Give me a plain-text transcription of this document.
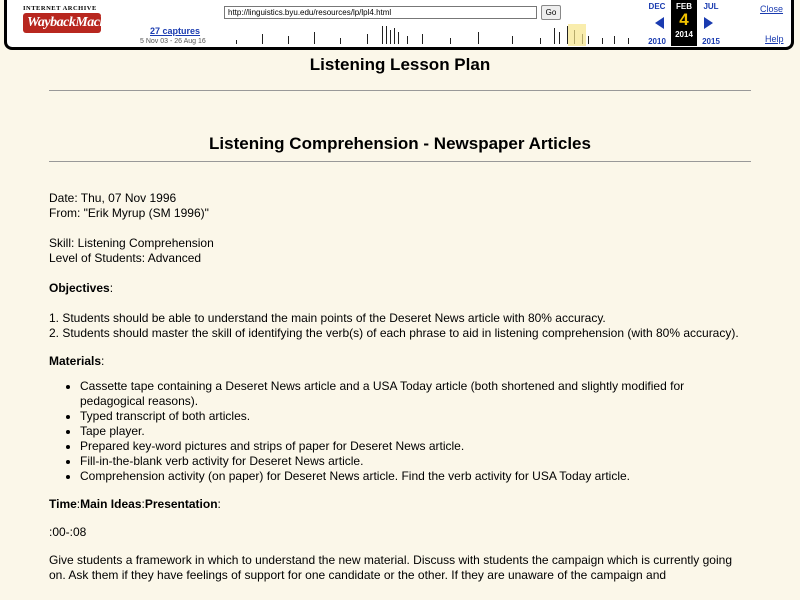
INTERNET ARCHIVE
WaybackMachine
27 captures
5 Nov 03 - 26 Aug 16
http://linguistics.byu.edu/resources/lp/lpl4.html
Go
DEC
2010
FEB
4
2014
JUL
2015
Close
Help
Listening Lesson Plan
Listening Comprehension - Newspaper Articles

Date: Thu, 07 Nov 1996
From: "Erik Myrup (SM 1996)"

Skill: Listening Comprehension
Level of Students: Advanced

Objectives:

1. Students should be able to understand the main points of the Deseret News article with 80% accuracy.
2. Students should master the skill of identifying the verb(s) of each phrase to aid in listening comprehension (with 80% accuracy).

Materials:

• Cassette tape containing a Deseret News article and a USA Today article (both shortened and slightly modified for pedagogical reasons).
• Typed transcript of both articles.
• Tape player.
• Prepared key-word pictures and strips of paper for Deseret News article.
• Fill-in-the-blank verb activity for Deseret News article.
• Comprehension activity (on paper) for Deseret News article. Find the verb activity for USA Today article.

Time:Main Ideas:Presentation:

:00-:08

Give students a framework in which to understand the new material. Discuss with students the campaign which is currently going on. Ask them if they have feelings of support for one candidate or the other. If they are unaware of the campaign and
